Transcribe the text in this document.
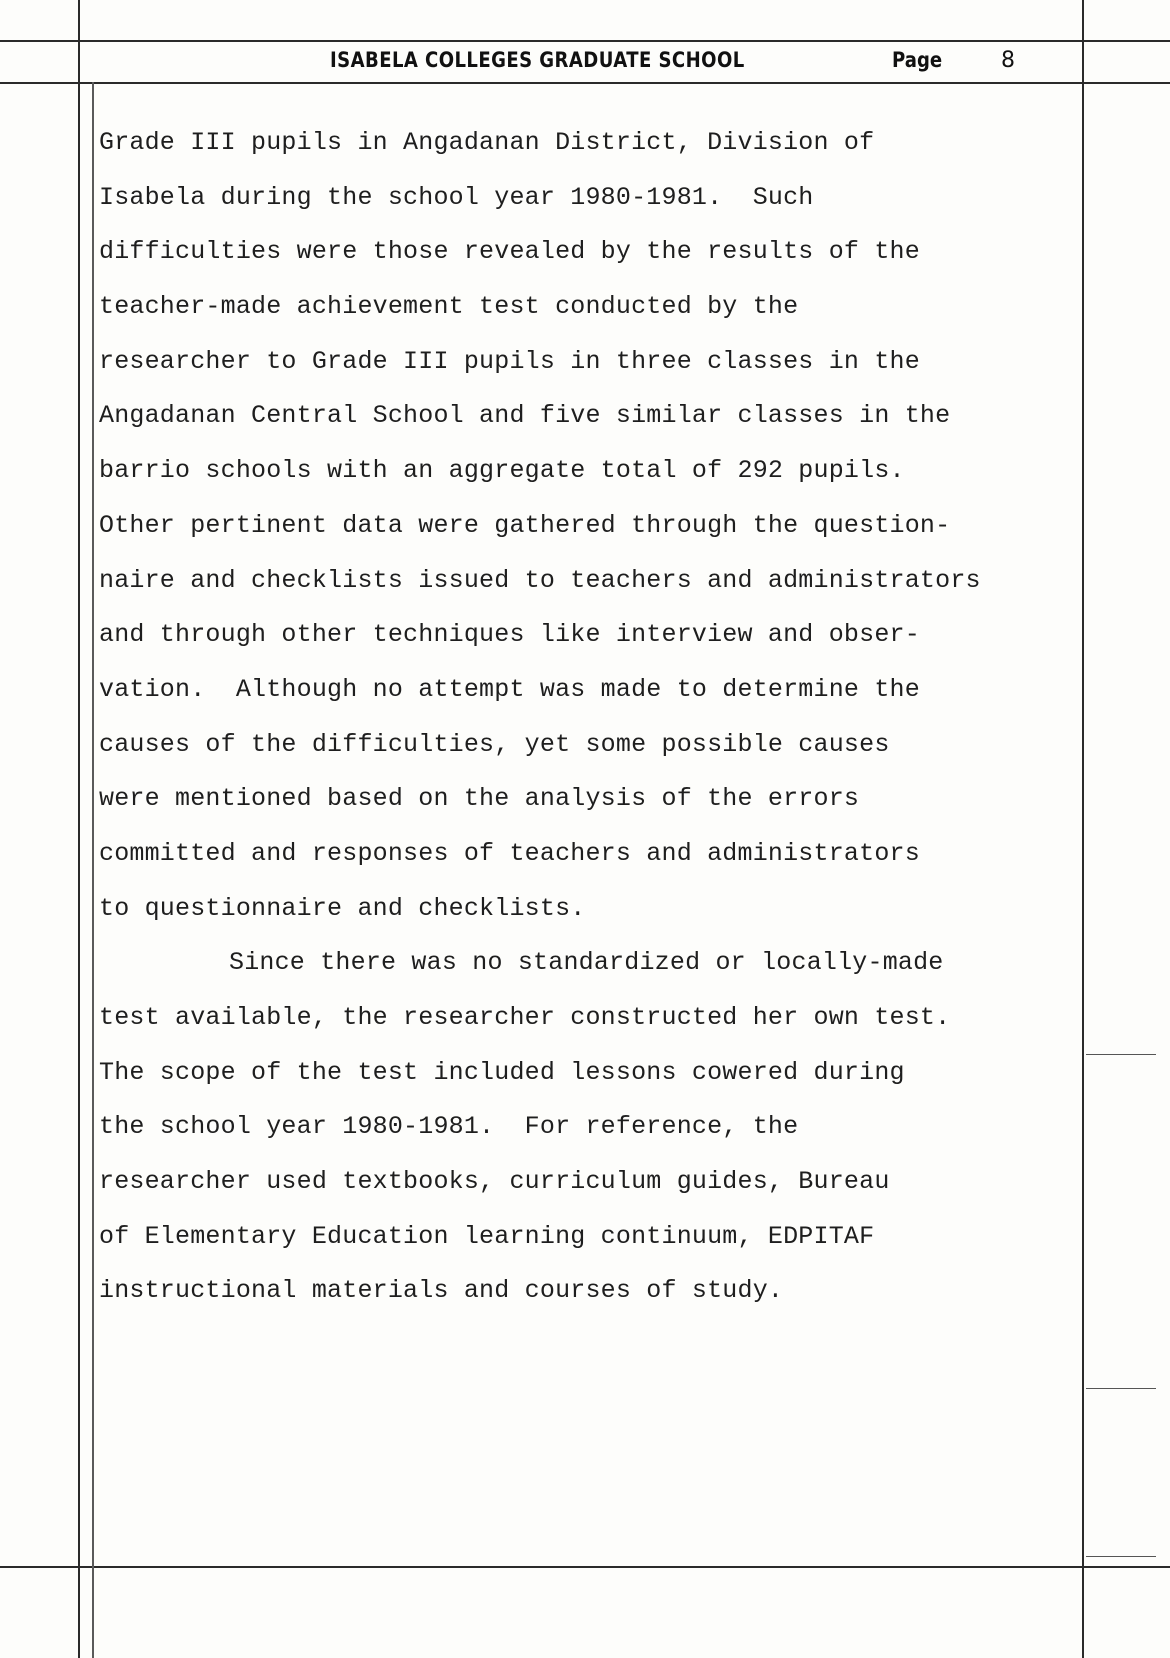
ISABELA COLLEGES GRADUATE SCHOOL	Page	8
Grade III pupils in Angadanan District, Division of
Isabela during the school year 1980-1981.  Such
difficulties were those revealed by the results of the
teacher-made achievement test conducted by the
researcher to Grade III pupils in three classes in the
Angadanan Central School and five similar classes in the
barrio schools with an aggregate total of 292 pupils.
Other pertinent data were gathered through the question-
naire and checklists issued to teachers and administrators
and through other techniques like interview and obser-
vation.  Although no attempt was made to determine the
causes of the difficulties, yet some possible causes
were mentioned based on the analysis of the errors
committed and responses of teachers and administrators
to questionnaire and checklists.
Since there was no standardized or locally-made
test available, the researcher constructed her own test.
The scope of the test included lessons cowered during
the school year 1980-1981.  For reference, the
researcher used textbooks, curriculum guides, Bureau
of Elementary Education learning continuum, EDPITAF
instructional materials and courses of study.
